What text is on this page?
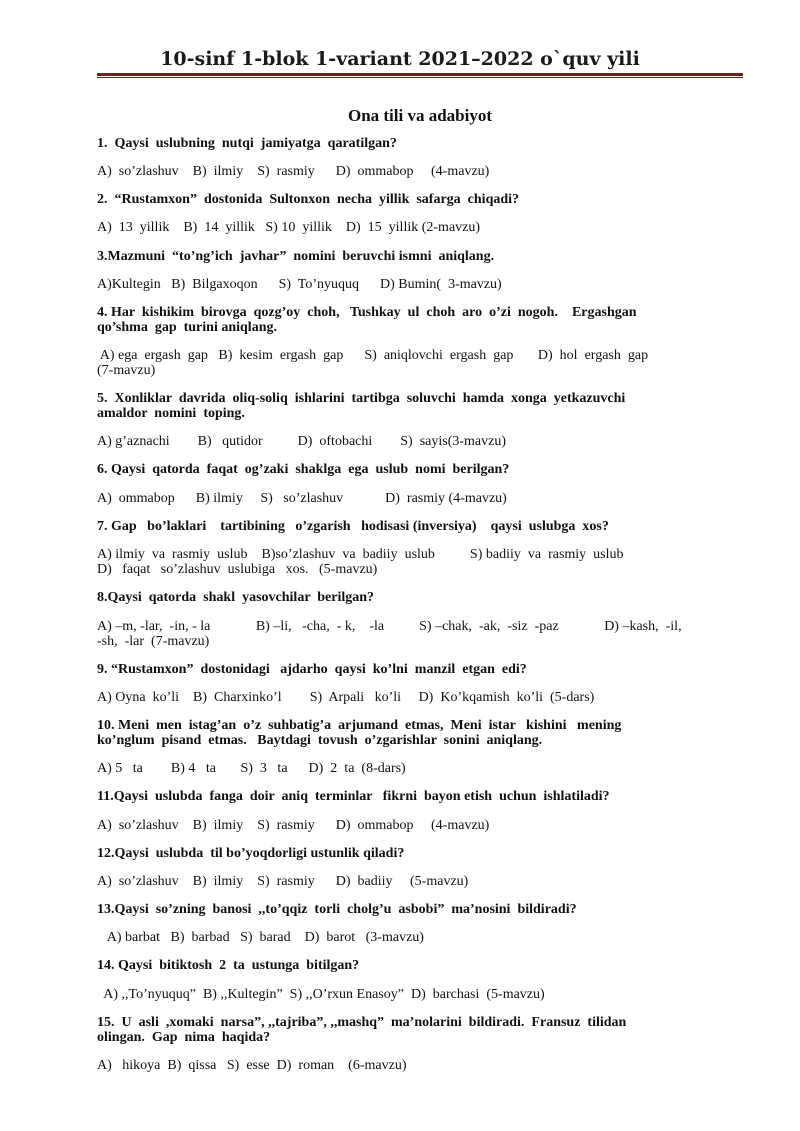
10-sinf 1-blok 1-variant 2021–2022 o`quv yili
Ona tili va adabiyot
1.  Qaysi  uslubning  nutqi  jamiyatga  qaratilgan?
A)  so’zlashuv    B)  ilmiy    S)  rasmiy      D)  ommabop     (4-mavzu)
2.  “Rustamxon”  dostonida  Sultonxon  necha  yillik  safarga  chiqadi?
A)  13  yillik    B)  14  yillik   S) 10  yillik    D)  15  yillik (2-mavzu)
3.Mazmuni  “to’ng’ich  javhar”  nomini  beruvchi ismni  aniqlang.
A)Kultegin   B)  Bilgaxoqon      S)  To’nyuquq      D) Bumin(  3-mavzu)
4. Har  kishikim  birovga  qozg’oy  choh,   Tushkay  ul  choh  aro  o’zi  nogoh.    Ergashgan
qo’shma  gap  turini aniqlang.
A) ega  ergash  gap   B)  kesim  ergash  gap      S)  aniqlovchi  ergash  gap       D)  hol  ergash  gap
(7-mavzu)
5.  Xonliklar  davrida  oliq-soliq  ishlarini  tartibga  soluvchi  hamda  xonga  yetkazuvchi
amaldor  nomini  toping.
A) g’aznachi        B)   qutidor          D)  oftobachi        S)  sayis(3-mavzu)
6. Qaysi  qatorda  faqat  og’zaki  shaklga  ega  uslub  nomi  berilgan?
A)  ommabop      B) ilmiy     S)   so’zlashuv            D)  rasmiy (4-mavzu)
7. Gap   bo’laklari    tartibining   o’zgarish   hodisasi (inversiya)    qaysi  uslubga  xos?
A) ilmiy  va  rasmiy  uslub    B)so’zlashuv  va  badiiy  uslub          S) badiiy  va  rasmiy  uslub
D)   faqat   so’zlashuv  uslubiga   xos.   (5-mavzu)
8.Qaysi  qatorda  shakl  yasovchilar  berilgan?
A) –m, -lar,  -in, - la             B) –li,   -cha,  - k,    -la          S) –chak,  -ak,  -siz  -paz             D) –kash,  -il,
-sh,  -lar  (7-mavzu)
9. “Rustamxon”  dostonidagi   ajdarho  qaysi  ko’lni  manzil  etgan  edi?
A) Oyna  ko’li    B)  Charxinko’l        S)  Arpali   ko’li     D)  Ko’kqamish  ko’li  (5-dars)
10. Meni  men  istag’an  o’z  suhbatig’a  arjumand  etmas,  Meni  istar   kishini   mening
ko’nglum  pisand  etmas.   Baytdagi  tovush  o’zgarishlar  sonini  aniqlang.
A) 5   ta        B) 4   ta       S)  3   ta      D)  2  ta  (8-dars)
11.Qaysi  uslubda  fanga  doir  aniq  terminlar   fikrni  bayon etish  uchun  ishlatiladi?
A)  so’zlashuv    B)  ilmiy    S)  rasmiy      D)  ommabop     (4-mavzu)
12.Qaysi  uslubda  til bo’yoqdorligi ustunlik qiladi?
A)  so’zlashuv    B)  ilmiy    S)  rasmiy      D)  badiiy     (5-mavzu)
13.Qaysi  so’zning  banosi  ,,to’qqiz  torli  cholg’u  asbobi”  ma’nosini  bildiradi?
A) barbat   B)  barbad   S)  barad    D)  barot   (3-mavzu)
14. Qaysi  bitiktosh  2  ta  ustunga  bitilgan?
A) ,,To’nyuquq”  B) ,,Kultegin”  S) ,,O’rxun Enasoy”  D)  barchasi  (5-mavzu)
15.  U  asli  ,xomaki  narsa”, ,,tajriba”, ,,mashq”  ma’nolarini  bildiradi.  Fransuz  tilidan
olingan.  Gap  nima  haqida?
A)   hikoya  B)  qissa   S)  esse  D)  roman    (6-mavzu)
